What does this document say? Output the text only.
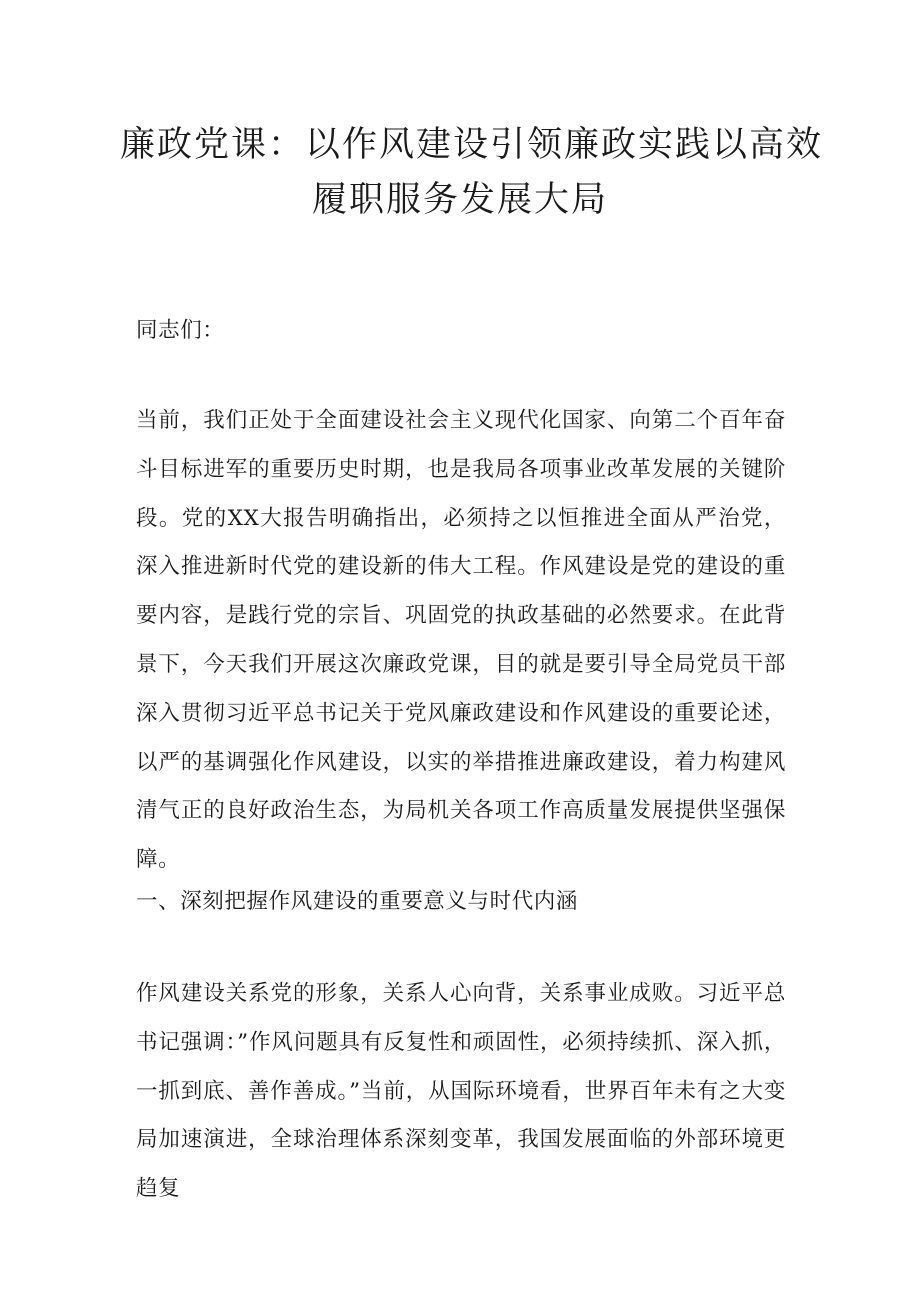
廉政党课：以作风建设引领廉政实践以高效
履职服务发展大局

同志们：

当前，我们正处于全面建设社会主义现代化国家、向第二个百年奋斗目标进军的重要历史时期，也是我局各项事业改革发展的关键阶段。党的XX大报告明确指出，必须持之以恒推进全面从严治党，深入推进新时代党的建设新的伟大工程。作风建设是党的建设的重要内容，是践行党的宗旨、巩固党的执政基础的必然要求。在此背景下，今天我们开展这次廉政党课，目的就是要引导全局党员干部深入贯彻习近平总书记关于党风廉政建设和作风建设的重要论述，以严的基调强化作风建设，以实的举措推进廉政建设，着力构建风清气正的良好政治生态，为局机关各项工作高质量发展提供坚强保障。

一、深刻把握作风建设的重要意义与时代内涵

作风建设关系党的形象，关系人心向背，关系事业成败。习近平总书记强调：”作风问题具有反复性和顽固性，必须持续抓、深入抓，一抓到底、善作善成。”当前，从国际环境看，世界百年未有之大变局加速演进，全球治理体系深刻变革，我国发展面临的外部环境更趋复
